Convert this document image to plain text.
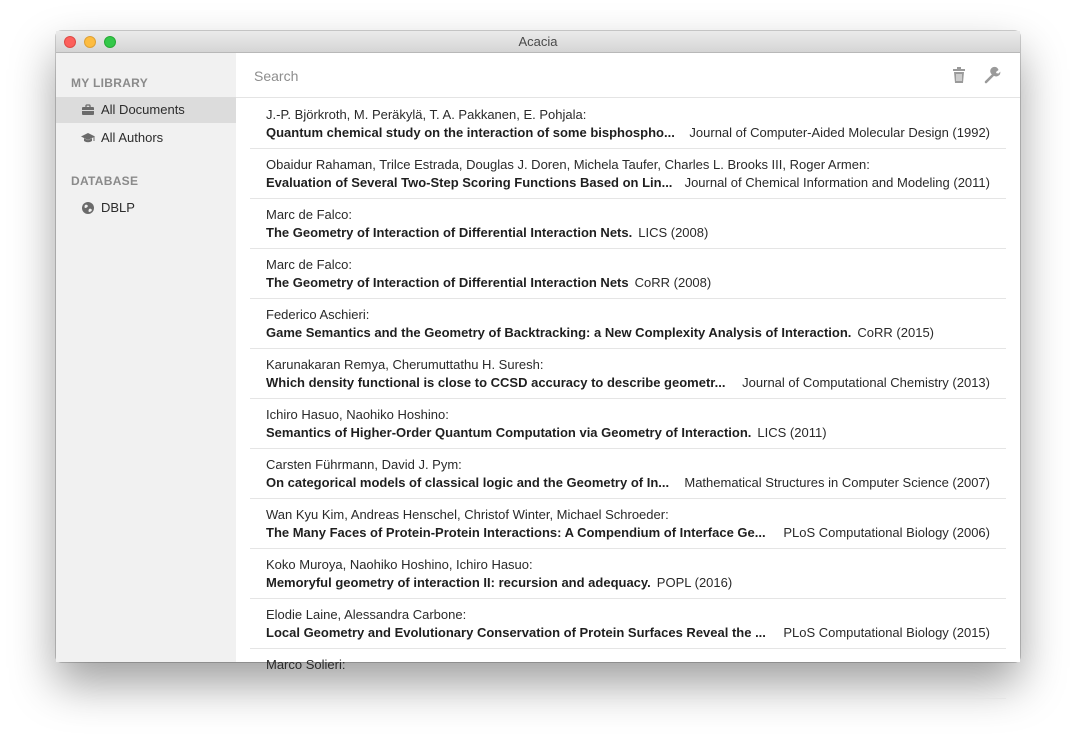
Acacia
MY LIBRARY
All Documents
All Authors
DATABASE
DBLP
Search
J.-P. Björkroth, M. Peräkylä, T. A. Pakkanen, E. Pohjala:
Quantum chemical study on the interaction of some bisphospho...	Journal of Computer-Aided Molecular Design (1992)
Obaidur Rahaman, Trilce Estrada, Douglas J. Doren, Michela Taufer, Charles L. Brooks III, Roger Armen:
Evaluation of Several Two-Step Scoring Functions Based on Lin... Journal of Chemical Information and Modeling (2011)
Marc de Falco:
The Geometry of Interaction of Differential Interaction Nets. LICS (2008)
Marc de Falco:
The Geometry of Interaction of Differential Interaction Nets CoRR (2008)
Federico Aschieri:
Game Semantics and the Geometry of Backtracking: a New Complexity Analysis of Interaction. CoRR (2015)
Karunakaran Remya, Cherumuttathu H. Suresh:
Which density functional is close to CCSD accuracy to describe geometr...	Journal of Computational Chemistry (2013)
Ichiro Hasuo, Naohiko Hoshino:
Semantics of Higher-Order Quantum Computation via Geometry of Interaction. LICS (2011)
Carsten Führmann, David J. Pym:
On categorical models of classical logic and the Geometry of In...	Mathematical Structures in Computer Science (2007)
Wan Kyu Kim, Andreas Henschel, Christof Winter, Michael Schroeder:
The Many Faces of Protein-Protein Interactions: A Compendium of Interface Ge...	PLoS Computational Biology (2006)
Koko Muroya, Naohiko Hoshino, Ichiro Hasuo:
Memoryful geometry of interaction II: recursion and adequacy. POPL (2016)
Elodie Laine, Alessandra Carbone:
Local Geometry and Evolutionary Conservation of Protein Surfaces Reveal the ...	PLoS Computational Biology (2015)
Marco Solieri:
